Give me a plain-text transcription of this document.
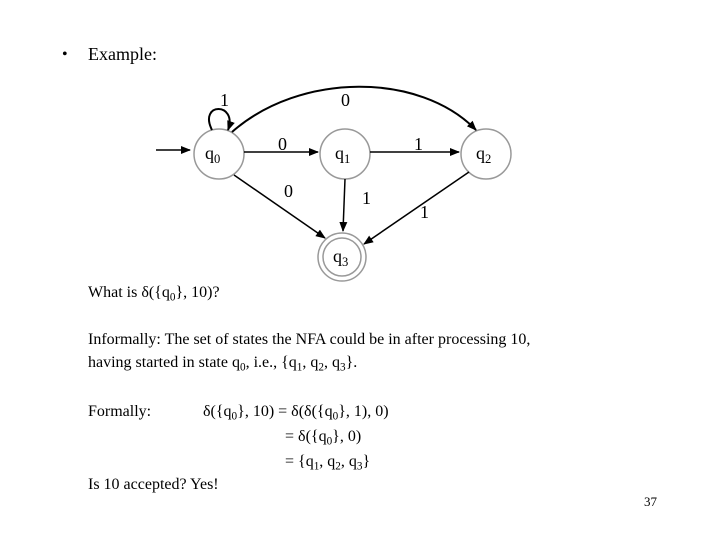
• Example:
$q_0$	$q_1$	$q_2$
$q_3$
1	0
0	1
0	1
1
What is $\delta(\{q_0\}$, 10)?
Informally: The set of states the NFA could be in after processing 10,
having started in state $q_0$, i.e., {$q_1$, $q_2$, $q_3$}.
Formally:	$\delta(\{q_0\}$, $10) = \delta(\delta(\{q_0\}$, 1), 0)
= $\delta(\{q_0\}$, 0)
= {$q_1$, $q_2$, $q_3$}
Is 10 accepted? Yes!
37
